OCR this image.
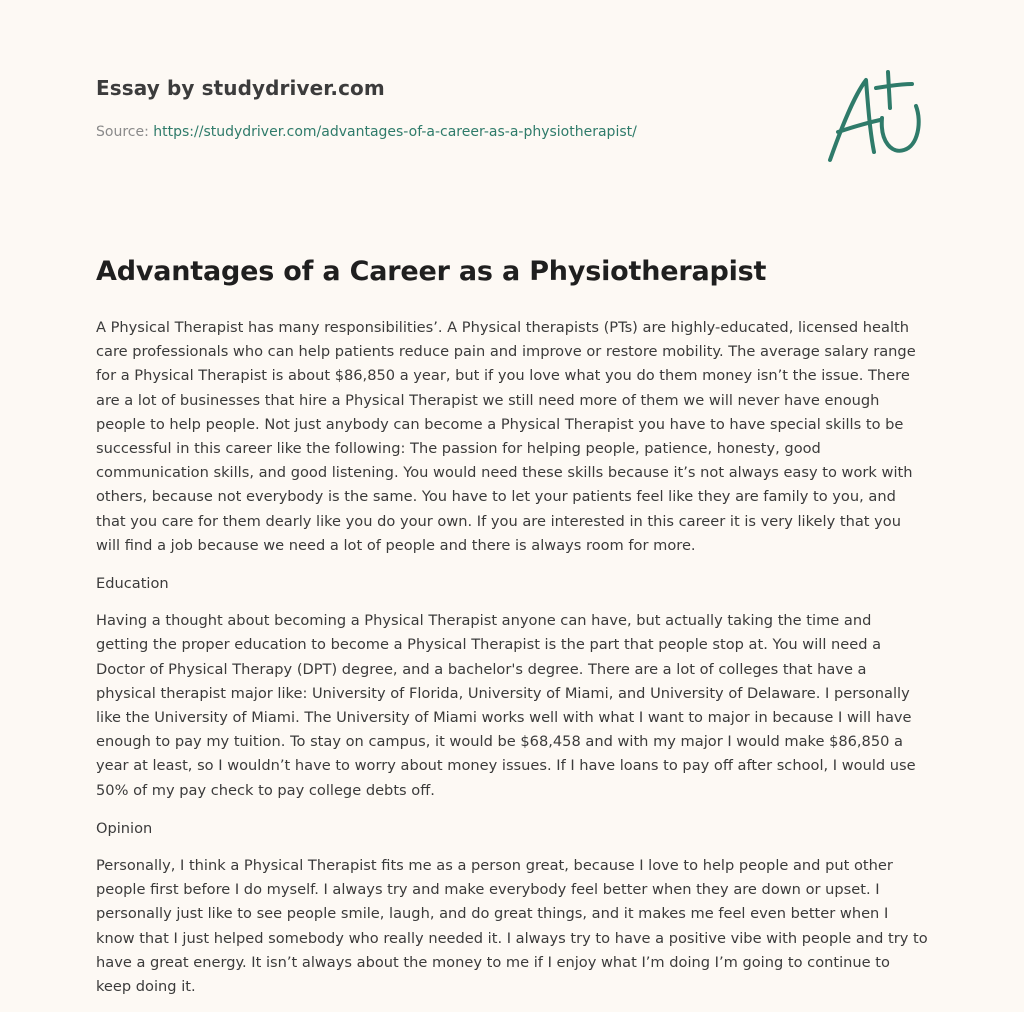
Essay by studydriver.com
Source: https://studydriver.com/advantages-of-a-career-as-a-physiotherapist/
Advantages of a Career as a Physiotherapist

A Physical Therapist has many responsibilities’. A Physical therapists (PTs) are highly-educated, licensed health care professionals who can help patients reduce pain and improve or restore mobility. The average salary range for a Physical Therapist is about $86,850 a year, but if you love what you do them money isn’t the issue. There are a lot of businesses that hire a Physical Therapist we still need more of them we will never have enough people to help people. Not just anybody can become a Physical Therapist you have to have special skills to be successful in this career like the following: The passion for helping people, patience, honesty, good communication skills, and good listening. You would need these skills because it’s not always easy to work with others, because not everybody is the same. You have to let your patients feel like they are family to you, and that you care for them dearly like you do your own. If you are interested in this career it is very likely that you will find a job because we need a lot of people and there is always room for more.

Education

Having a thought about becoming a Physical Therapist anyone can have, but actually taking the time and getting the proper education to become a Physical Therapist is the part that people stop at. You will need a Doctor of Physical Therapy (DPT) degree, and a bachelor's degree. There are a lot of colleges that have a physical therapist major like: University of Florida, University of Miami, and University of Delaware. I personally like the University of Miami. The University of Miami works well with what I want to major in because I will have enough to pay my tuition. To stay on campus, it would be $68,458 and with my major I would make $86,850 a year at least, so I wouldn’t have to worry about money issues. If I have loans to pay off after school, I would use 50% of my pay check to pay college debts off.

Opinion

Personally, I think a Physical Therapist fits me as a person great, because I love to help people and put other people first before I do myself. I always try and make everybody feel better when they are down or upset. I personally just like to see people smile, laugh, and do great things, and it makes me feel even better when I know that I just helped somebody who really needed it. I always try to have a positive vibe with people and try to have a great energy. It isn’t always about the money to me if I enjoy what I’m doing I’m going to continue to keep doing it.
